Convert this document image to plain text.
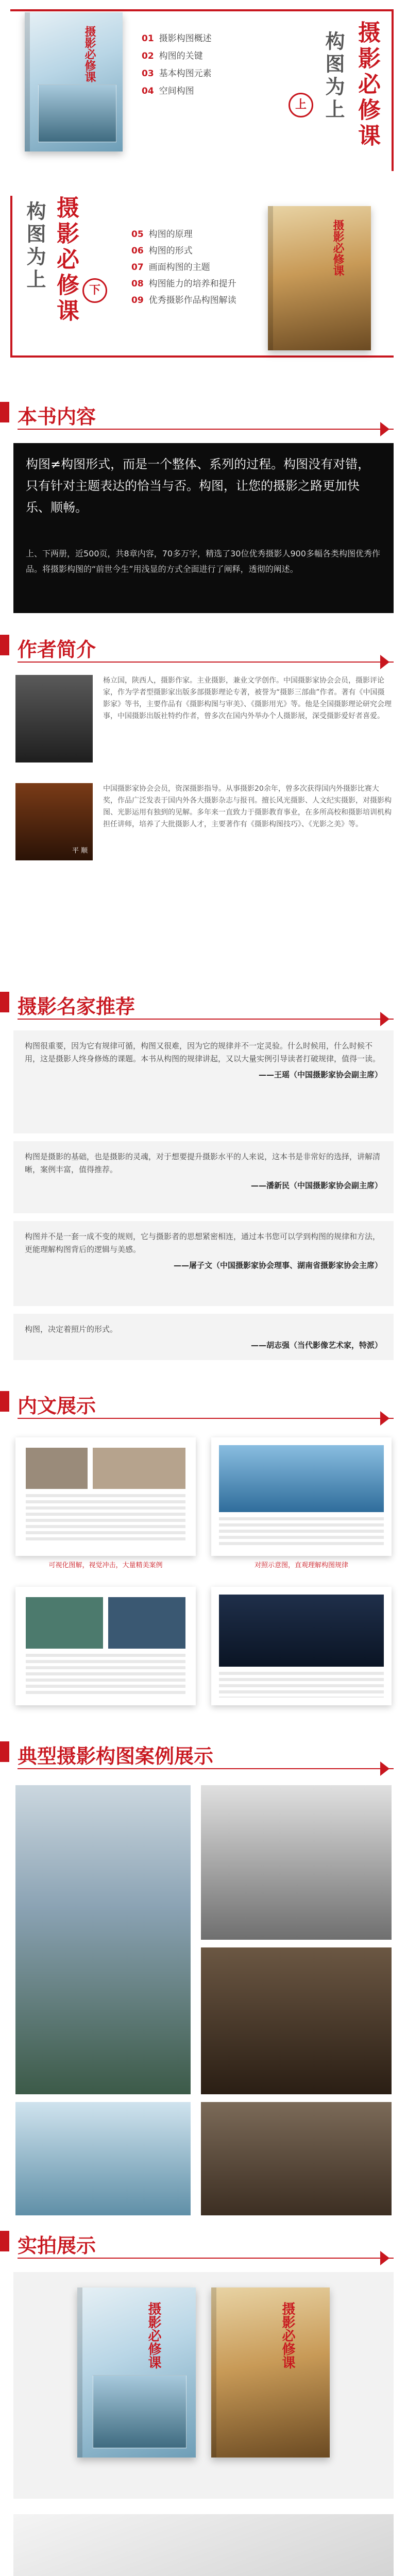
摄影必修课	01 摄影构图概述
02 构图的关键
03 基本构图元素
04 空间构图	摄影必修课
构图为上
上
构图为上 摄影必修课 下
05 构图的原理
06 构图的形式
07 画面构图的主题
08 构图能力的培养和提升
09 优秀摄影作品构图解读
摄影必修课
本书内容
构图≠构图形式，而是一个整体、系列的过程。构图没有对错，只有针对主题表达的恰当与否。构图，让您的摄影之路更加快乐、顺畅。
上、下两册，近500页，共8章内容，70多万字，精选了30位优秀摄影人900多幅各类构图优秀作品。将摄影构图的“前世今生”用浅显的方式全面进行了阐释，透彻的阐述。
作者简介
杨立国，陕西人，摄影作家。主业摄影，兼业文学创作。中国摄影家协会会员，摄影评论家，作为学者型摄影家出版多部摄影理论专著，被誉为“摄影三部曲”作者。著有《中国摄影家》等书，主要作品有《摄影构图与审美》、《摄影用光》等。他是全国摄影理论研究会理事，中国摄影出版社特约作者，曾多次在国内外举办个人摄影展，深受摄影爱好者喜爱。
平 顺
中国摄影家协会会员，资深摄影指导。从事摄影20余年，曾多次获得国内外摄影比赛大奖，作品广泛发表于国内外各大摄影杂志与报刊。擅长风光摄影、人文纪实摄影，对摄影构图、光影运用有独到的见解。多年来一直致力于摄影教育事业，在多所高校和摄影培训机构担任讲师，培养了大批摄影人才，主要著作有《摄影构图技巧》、《光影之美》等。
摄影名家推荐
构图很重要，因为它有规律可循，构图又很难，因为它的规律并不一定灵验。什么时候用，什么时候不用，这是摄影人终身修炼的课题。本书从构图的规律讲起，又以大量实例引导读者打破规律，值得一读。
——王瑶（中国摄影家协会副主席）
构图是摄影的基础，也是摄影的灵魂，对于想要提升摄影水平的人来说，这本书是非常好的选择，讲解清晰，案例丰富，值得推荐。
——潘新民（中国摄影家协会副主席）
构图并不是一套一成不变的规则，它与摄影者的思想紧密相连，通过本书您可以学到构图的规律和方法，更能理解构图背后的逻辑与美感。
——屠子文（中国摄影家协会理事、湖南省摄影家协会主席）
构图，决定着照片的形式。
——胡志强（当代影像艺术家，特派）
内文展示
可视化图解，视觉冲击，大量精美案例	对照示意图，直观理解构图规律
典型摄影构图案例展示
实拍展示
摄影必修课	摄影必修课
